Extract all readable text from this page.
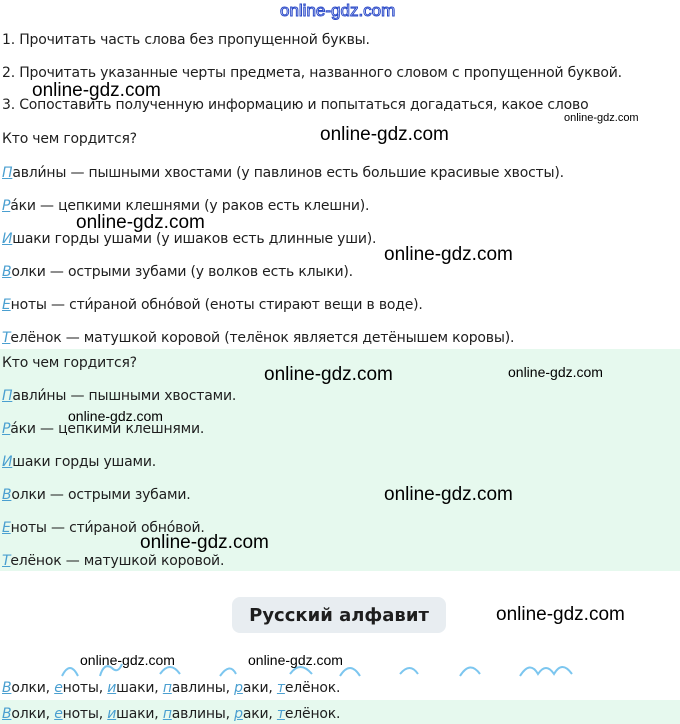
online-gdz.com
1. Прочитать часть слова без пропущенной буквы.
2. Прочитать указанные черты предмета, названного словом с пропущенной буквой.
3. Сопоставить полученную информацию и попытаться догадаться, какое слово
Кто чем гордится?
Павли́ны — пышными хвостами (у павлинов есть большие красивые хвосты).
Ра́ки — цепкими клешнями (у раков есть клешни).
Ишаки горды ушами (у ишаков есть длинные уши).
Волки — острыми зубами (у волков есть клыки).
Еноты — сти́раной обно́вой (еноты стирают вещи в воде).
Телёнок — матушкой коровой (телёнок является детёнышем коровы).
Кто чем гордится?
Павли́ны — пышными хвостами.
Ра́ки — цепкими клешнями.
Ишаки горды ушами.
Волки — острыми зубами.
Еноты — сти́раной обно́вой.
Телёнок — матушкой коровой.
Русский алфавит
Волки, еноты, ишаки, павлины, раки, телёнок.
Волки, еноты, ишаки, павлины, раки, телёнок.
online-gdz.com
online-gdz.com
online-gdz.com
online-gdz.com
online-gdz.com
online-gdz.com	online-gdz.com
online-gdz.com
online-gdz.com
online-gdz.com
online-gdz.com
online-gdz.com	online-gdz.com
